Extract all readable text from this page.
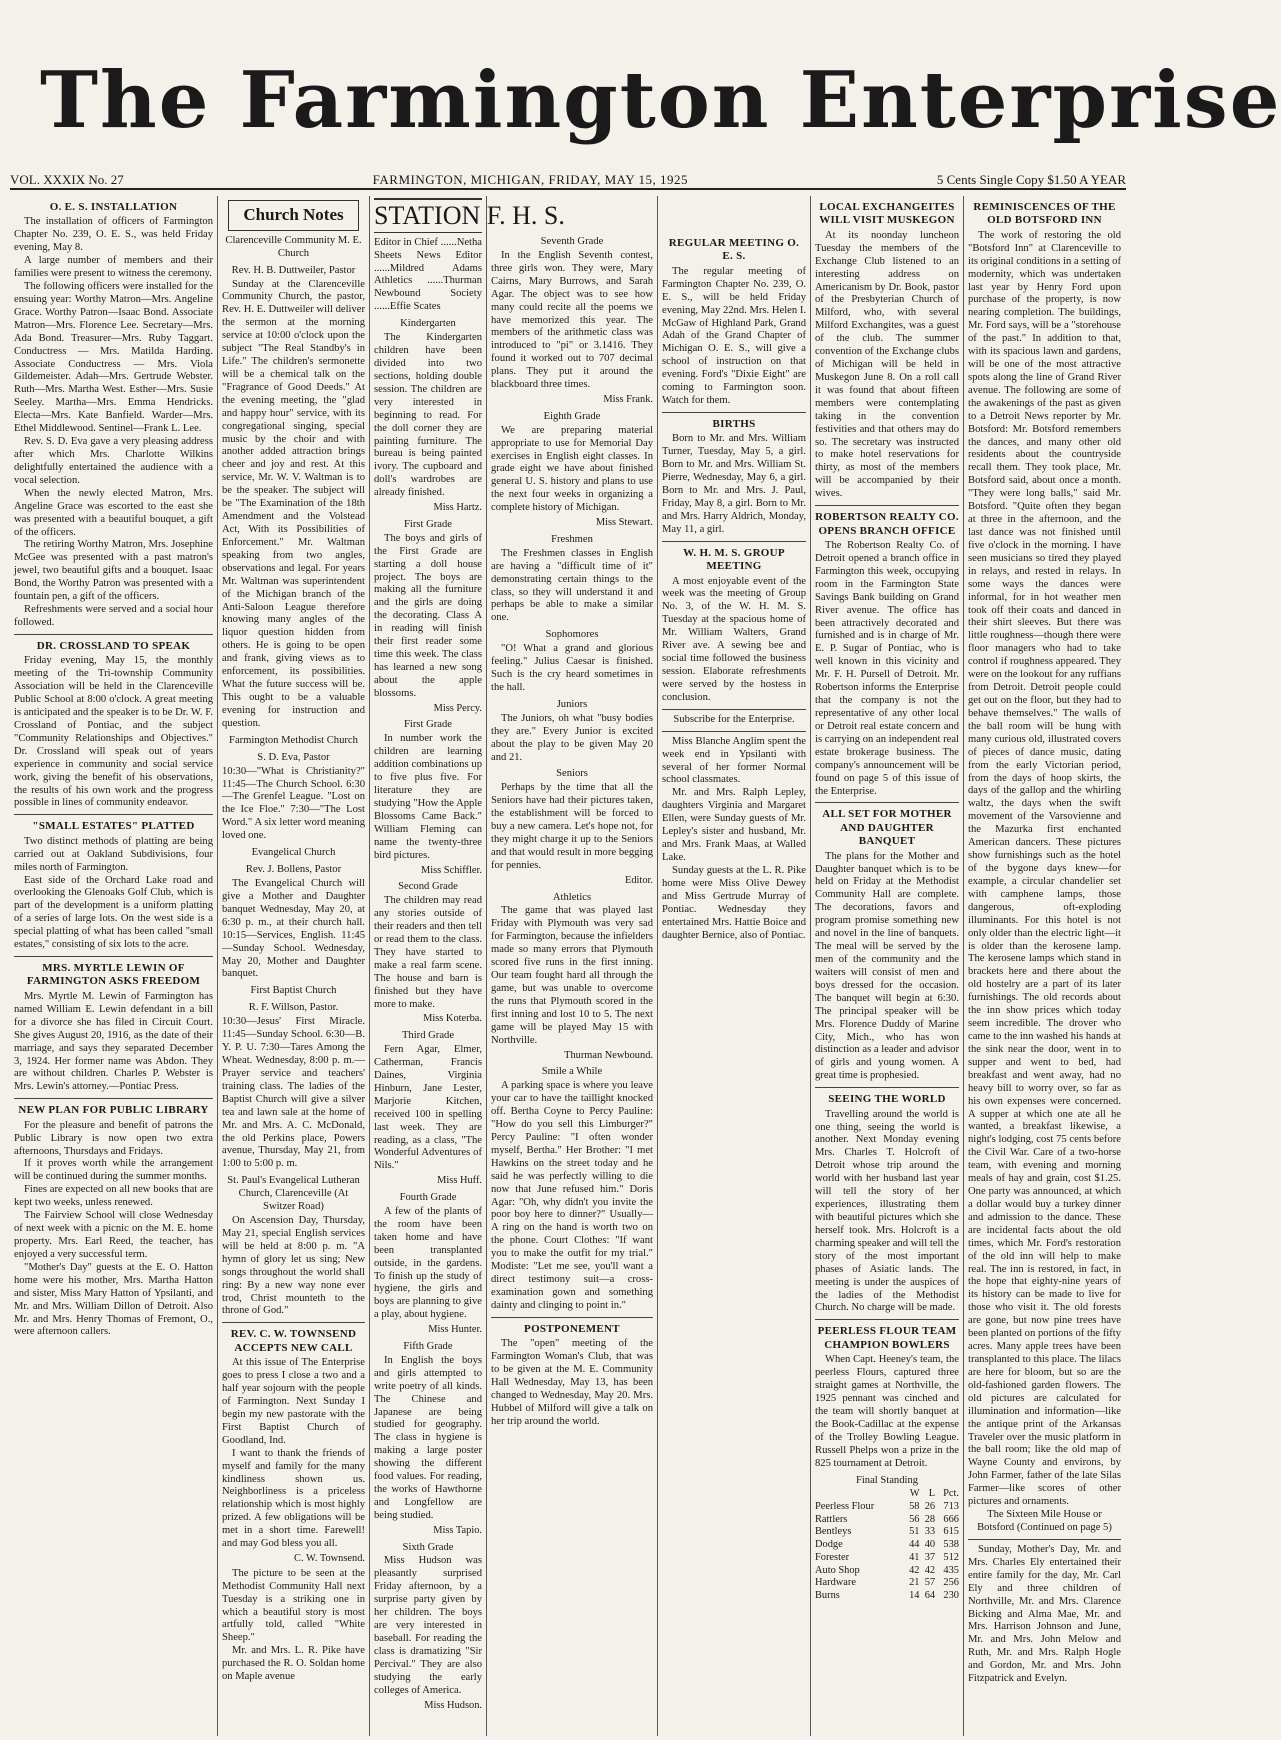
The Farmington Enterprise
VOL. XXXIX No. 27	FARMINGTON, MICHIGAN, FRIDAY, MAY 15, 1925	5 Cents Single Copy $1.50 A YEAR
O. E. S. INSTALLATION

The installation of officers of Farmington Chapter No. 239, O. E. S., was held Friday evening, May 8.

A large number of members and their families were present to witness the ceremony.

The following officers were installed for the ensuing year: Worthy Matron—Mrs. Angeline Grace. Worthy Patron—Isaac Bond. Associate Matron—Mrs. Florence Lee. Secretary—Mrs. Ada Bond. Treasurer—Mrs. Ruby Taggart. Conductress — Mrs. Matilda Harding. Associate Conductress — Mrs. Viola Gildemeister. Adah—Mrs. Gertrude Webster. Ruth—Mrs. Martha West. Esther—Mrs. Susie Seeley. Martha—Mrs. Emma Hendricks. Electa—Mrs. Kate Banfield. Warder—Mrs. Ethel Middlewood. Sentinel—Frank L. Lee.

Rev. S. D. Eva gave a very pleasing address after which Mrs. Charlotte Wilkins delightfully entertained the audience with a vocal selection.

When the newly elected Matron, Mrs. Angeline Grace was escorted to the east she was presented with a beautiful bouquet, a gift of the officers.

The retiring Worthy Matron, Mrs. Josephine McGee was presented with a past matron's jewel, two beautiful gifts and a bouquet. Isaac Bond, the Worthy Patron was presented with a fountain pen, a gift of the officers.

Refreshments were served and a social hour followed.

DR. CROSSLAND TO SPEAK

Friday evening, May 15, the monthly meeting of the Tri-township Community Association will be held in the Clarenceville Public School at 8:00 o'clock. A great meeting is anticipated and the speaker is to be Dr. W. F. Crossland of Pontiac, and the subject "Community Relationships and Objectives." Dr. Crossland will speak out of years experience in community and social service work, giving the benefit of his observations, the results of his own work and the progress possible in lines of community endeavor.

"SMALL ESTATES" PLATTED

Two distinct methods of platting are being carried out at Oakland Subdivisions, four miles north of Farmington.

East side of the Orchard Lake road and overlooking the Glenoaks Golf Club, which is part of the development is a uniform platting of a series of large lots. On the west side is a special platting of what has been called "small estates," consisting of six lots to the acre.

MRS. MYRTLE LEWIN OF FARMINGTON ASKS FREEDOM

Mrs. Myrtle M. Lewin of Farmington has named William E. Lewin defendant in a bill for a divorce she has filed in Circuit Court. She gives August 20, 1916, as the date of their marriage, and says they separated December 3, 1924. Her former name was Abdon. They are without children. Charles P. Webster is Mrs. Lewin's attorney.—Pontiac Press.

NEW PLAN FOR PUBLIC LIBRARY

For the pleasure and benefit of patrons the Public Library is now open two extra afternoons, Thursdays and Fridays.

If it proves worth while the arrangement will be continued during the summer months.

Fines are expected on all new books that are kept two weeks, unless renewed.

The Fairview School will close Wednesday of next week with a picnic on the M. E. home property. Mrs. Earl Reed, the teacher, has enjoyed a very successful term.

"Mother's Day" guests at the E. O. Hatton home were his mother, Mrs. Martha Hatton and sister, Miss Mary Hatton of Ypsilanti, and Mr. and Mrs. William Dillon of Detroit. Also Mr. and Mrs. Henry Thomas of Fremont, O., were afternoon callers.

Church Notes
Clarenceville Community M. E. Church
Rev. H. B. Duttweiler, Pastor

Sunday at the Clarenceville Community Church, the pastor, Rev. H. E. Duttweiler will deliver the sermon at the morning service at 10:00 o'clock upon the subject "The Real Standby's in Life." The children's sermonette will be a chemical talk on the "Fragrance of Good Deeds." At the evening meeting, the "glad and happy hour" service, with its congregational singing, special music by the choir and with another added attraction brings cheer and joy and rest. At this service, Mr. W. V. Waltman is to be the speaker. The subject will be "The Examination of the 18th Amendment and the Volstead Act, With its Possibilities of Enforcement." Mr. Waltman speaking from two angles, observations and legal. For years Mr. Waltman was superintendent of the Michigan branch of the Anti-Saloon League therefore knowing many angles of the liquor question hidden from others. He is going to be open and frank, giving views as to enforcement, its possibilities. What the future success will be. This ought to be a valuable evening for instruction and question.

Farmington Methodist Church
S. D. Eva, Pastor

10:30—"What is Christianity?" 11:45—The Church School. 6:30—The Grenfel League. "Lost on the Ice Floe." 7:30—"The Lost Word." A six letter word meaning loved one.

Evangelical Church
Rev. J. Bollens, Pastor

The Evangelical Church will give a Mother and Daughter banquet Wednesday, May 20, at 6:30 p. m., at their church hall. 10:15—Services, English. 11:45—Sunday School. Wednesday, May 20, Mother and Daughter banquet.

First Baptist Church
R. F. Willson, Pastor.

10:30—Jesus' First Miracle. 11:45—Sunday School. 6:30—B. Y. P. U. 7:30—Tares Among the Wheat. Wednesday, 8:00 p. m.—Prayer service and teachers' training class. The ladies of the Baptist Church will give a silver tea and lawn sale at the home of Mr. and Mrs. A. C. McDonald, the old Perkins place, Powers avenue, Thursday, May 21, from 1:00 to 5:00 p. m.

St. Paul's Evangelical Lutheran Church, Clarenceville (At Switzer Road)

On Ascension Day, Thursday, May 21, special English services will be held at 8:00 p. m. "A hymn of glory let us sing; New songs throughout the world shall ring: By a new way none ever trod, Christ mounteth to the throne of God."

REV. C. W. TOWNSEND ACCEPTS NEW CALL

At this issue of The Enterprise goes to press I close a two and a half year sojourn with the people of Farmington. Next Sunday I begin my new pastorate with the First Baptist Church of Goodland, Ind.

I want to thank the friends of myself and family for the many kindliness shown us. Neighborliness is a priceless relationship which is most highly prized. A few obligations will be met in a short time. Farewell! and may God bless you all.

C. W. Townsend.

The picture to be seen at the Methodist Community Hall next Tuesday is a striking one in which a beautiful story is most artfully told, called "White Sheep."

Mr. and Mrs. L. R. Pike have purchased the R. O. Soldan home on Maple avenue

STATION F. H. S.

Editor in Chief ......Netha Sheets News Editor ......Mildred Adams Athletics ......Thurman Newbound Society ......Effie Scates

Kindergarten

The Kindergarten children have been divided into two sections, holding double session. The children are very interested in beginning to read. For the doll corner they are painting furniture. The bureau is being painted ivory. The cupboard and doll's wardrobes are already finished.

Miss Hartz.
First Grade

The boys and girls of the First Grade are starting a doll house project. The boys are making all the furniture and the girls are doing the decorating. Class A in reading will finish their first reader some time this week. The class has learned a new song about the apple blossoms.

Miss Percy.
First Grade

In number work the children are learning addition combinations up to five plus five. For literature they are studying "How the Apple Blossoms Came Back." William Fleming can name the twenty-three bird pictures.

Miss Schiffler.
Second Grade

The children may read any stories outside of their readers and then tell or read them to the class. They have started to make a real farm scene. The house and barn is finished but they have more to make.

Miss Koterba.
Third Grade

Fern Agar, Elmer, Catherman, Francis Daines, Virginia Hinburn, Jane Lester, Marjorie Kitchen, received 100 in spelling last week. They are reading, as a class, "The Wonderful Adventures of Nils."

Miss Huff.
Fourth Grade

A few of the plants of the room have been taken home and have been transplanted outside, in the gardens. To finish up the study of hygiene, the girls and boys are planning to give a play, about hygiene.

Miss Hunter.
Fifth Grade

In English the boys and girls attempted to write poetry of all kinds. The Chinese and Japanese are being studied for geography. The class in hygiene is making a large poster showing the different food values. For reading, the works of Hawthorne and Longfellow are being studied.

Miss Tapio.
Sixth Grade

Miss Hudson was pleasantly surprised Friday afternoon, by a surprise party given by her children. The boys are very interested in baseball. For reading the class is dramatizing "Sir Percival." They are also studying the early colleges of America.

Miss Hudson.
Seventh Grade

In the English Seventh contest, three girls won. They were, Mary Cairns, Mary Burrows, and Sarah Agar. The object was to see how many could recite all the poems we have memorized this year. The members of the arithmetic class was introduced to "pi" or 3.1416. They found it worked out to 707 decimal plans. They put it around the blackboard three times.

Miss Frank.
Eighth Grade

We are preparing material appropriate to use for Memorial Day exercises in English eight classes. In grade eight we have about finished general U. S. history and plans to use the next four weeks in organizing a complete history of Michigan.

Miss Stewart.
Freshmen

The Freshmen classes in English are having a "difficult time of it" demonstrating certain things to the class, so they will understand it and perhaps be able to make a similar one.

Sophomores

"O! What a grand and glorious feeling." Julius Caesar is finished. Such is the cry heard sometimes in the hall.

Juniors

The Juniors, oh what "busy bodies they are." Every Junior is excited about the play to be given May 20 and 21.

Seniors

Perhaps by the time that all the Seniors have had their pictures taken, the establishment will be forced to buy a new camera. Let's hope not, for they might charge it up to the Seniors and that would result in more begging for pennies.

Editor.
Athletics

The game that was played last Friday with Plymouth was very sad for Farmington, because the infielders made so many errors that Plymouth scored five runs in the first inning. Our team fought hard all through the game, but was unable to overcome the runs that Plymouth scored in the first inning and lost 10 to 5. The next game will be played May 15 with Northville.

Thurman Newbound.
Smile a While

A parking space is where you leave your car to have the taillight knocked off. Bertha Coyne to Percy Pauline: "How do you sell this Limburger?" Percy Pauline: "I often wonder myself, Bertha." Her Brother: "I met Hawkins on the street today and he said he was perfectly willing to die now that June refused him." Doris Agar: "Oh, why didn't you invite the poor boy here to dinner?" Usually—A ring on the hand is worth two on the phone. Court Clothes: "If want you to make the outfit for my trial." Modiste: "Let me see, you'll want a direct testimony suit—a cross-examination gown and something dainty and clinging to point in."

POSTPONEMENT

The "open" meeting of the Farmington Woman's Club, that was to be given at the M. E. Community Hall Wednesday, May 13, has been changed to Wednesday, May 20. Mrs. Hubbel of Milford will give a talk on her trip around the world.

REGULAR MEETING O. E. S.

The regular meeting of Farmington Chapter No. 239, O. E. S., will be held Friday evening, May 22nd. Mrs. Helen I. McGaw of Highland Park, Grand Adah of the Grand Chapter of Michigan O. E. S., will give a school of instruction on that evening. Ford's "Dixie Eight" are coming to Farmington soon. Watch for them.

BIRTHS

Born to Mr. and Mrs. William Turner, Tuesday, May 5, a girl. Born to Mr. and Mrs. William St. Pierre, Wednesday, May 6, a girl. Born to Mr. and Mrs. J. Paul, Friday, May 8, a girl. Born to Mr. and Mrs. Harry Aldrich, Monday, May 11, a girl.

W. H. M. S. GROUP MEETING

A most enjoyable event of the week was the meeting of Group No. 3, of the W. H. M. S. Tuesday at the spacious home of Mr. William Walters, Grand River ave. A sewing bee and social time followed the business session. Elaborate refreshments were served by the hostess in conclusion.

Subscribe for the Enterprise.

Miss Blanche Anglim spent the week end in Ypsilanti with several of her former Normal school classmates.

Mr. and Mrs. Ralph Lepley, daughters Virginia and Margaret Ellen, were Sunday guests of Mr. Lepley's sister and husband, Mr. and Mrs. Frank Maas, at Walled Lake.

Sunday guests at the L. R. Pike home were Miss Olive Dewey and Miss Gertrude Murray of Pontiac. Wednesday they entertained Mrs. Hattie Boice and daughter Bernice, also of Pontiac.

LOCAL EXCHANGEITES WILL VISIT MUSKEGON

At its noonday luncheon Tuesday the members of the Exchange Club listened to an interesting address on Americanism by Dr. Book, pastor of the Presbyterian Church of Milford, who, with several Milford Exchangites, was a guest of the club. The summer convention of the Exchange clubs of Michigan will be held in Muskegon June 8. On a roll call it was found that about fifteen members were contemplating taking in the convention festivities and that others may do so. The secretary was instructed to make hotel reservations for thirty, as most of the members will be accompanied by their wives.

ROBERTSON REALTY CO. OPENS BRANCH OFFICE

The Robertson Realty Co. of Detroit opened a branch office in Farmington this week, occupying room in the Farmington State Savings Bank building on Grand River avenue. The office has been attractively decorated and furnished and is in charge of Mr. E. P. Sugar of Pontiac, who is well known in this vicinity and Mr. F. H. Pursell of Detroit. Mr. Robertson informs the Enterprise that the company is not the representative of any other local or Detroit real estate concern and is carrying on an independent real estate brokerage business. The company's announcement will be found on page 5 of this issue of the Enterprise.

ALL SET FOR MOTHER AND DAUGHTER BANQUET

The plans for the Mother and Daughter banquet which is to be held on Friday at the Methodist Community Hall are complete. The decorations, favors and program promise something new and novel in the line of banquets. The meal will be served by the men of the community and the waiters will consist of men and boys dressed for the occasion. The banquet will begin at 6:30. The principal speaker will be Mrs. Florence Duddy of Marine City, Mich., who has won distinction as a leader and advisor of girls and young women. A great time is prophesied.

SEEING THE WORLD

Travelling around the world is one thing, seeing the world is another. Next Monday evening Mrs. Charles T. Holcroft of Detroit whose trip around the world with her husband last year will tell the story of her experiences, illustrating them with beautiful pictures which she herself took. Mrs. Holcroft is a charming speaker and will tell the story of the most important phases of Asiatic lands. The meeting is under the auspices of the ladies of the Methodist Church. No charge will be made.

PEERLESS FLOUR TEAM CHAMPION BOWLERS

When Capt. Heeney's team, the peerless Flours, captured three straight games at Northville, the 1925 pennant was cinched and the team will shortly banquet at the Book-Cadillac at the expense of the Trolley Bowling League. Russell Phelps won a prize in the 825 tournament at Detroit.

Final Standing
	W	L	Pct.
Peerless Flour	58	26	713
Rattlers	56	28	666
Bentleys	51	33	615
Dodge	44	40	538
Forester	41	37	512
Auto Shop	42	42	435
Hardware	21	57	256
Burns	14	64	230
REMINISCENCES OF THE OLD BOTSFORD INN

The work of restoring the old "Botsford Inn" at Clarenceville to its original conditions in a setting of modernity, which was undertaken last year by Henry Ford upon purchase of the property, is now nearing completion. The buildings, Mr. Ford says, will be a "storehouse of the past." In addition to that, with its spacious lawn and gardens, will be one of the most attractive spots along the line of Grand River avenue. The following are some of the awakenings of the past as given to a Detroit News reporter by Mr. Botsford: Mr. Botsford remembers the dances, and many other old residents about the countryside recall them. They took place, Mr. Botsford said, about once a month. "They were long balls," said Mr. Botsford. "Quite often they began at three in the afternoon, and the last dance was not finished until five o'clock in the morning. I have seen musicians so tired they played in relays, and rested in relays. In some ways the dances were informal, for in hot weather men took off their coats and danced in their shirt sleeves. But there was little roughness—though there were floor managers who had to take control if roughness appeared. They were on the lookout for any ruffians from Detroit. Detroit people could get out on the floor, but they had to behave themselves." The walls of the ball room will be hung with many curious old, illustrated covers of pieces of dance music, dating from the early Victorian period, from the days of hoop skirts, the days of the gallop and the whirling waltz, the days when the swift movement of the Varsovienne and the Mazurka first enchanted American dancers. These pictures show furnishings such as the hotel of the bygone days knew—for example, a circular chandelier set with camphene lamps, those dangerous, oft-exploding illuminants. For this hotel is not only older than the electric light—it is older than the kerosene lamp. The kerosene lamps which stand in brackets here and there about the old hostelry are a part of its later furnishings. The old records about the inn show prices which today seem incredible. The drover who came to the inn washed his hands at the sink near the door, went in to supper and went to bed, had breakfast and went away, had no heavy bill to worry over, so far as his own expenses were concerned. A supper at which one ate all he wanted, a breakfast likewise, a night's lodging, cost 75 cents before the Civil War. Care of a two-horse team, with evening and morning meals of hay and grain, cost $1.25. One party was announced, at which a dollar would buy a turkey dinner and admission to the dance. These are incidental facts about the old times, which Mr. Ford's restoration of the old inn will help to make real. The inn is restored, in fact, in the hope that eighty-nine years of its history can be made to live for those who visit it. The old forests are gone, but now pine trees have been planted on portions of the fifty acres. Many apple trees have been transplanted to this place. The lilacs are here for bloom, but so are the old-fashioned garden flowers. The old pictures are calculated for illumination and information—like the antique print of the Arkansas Traveler over the music platform in the ball room; like the old map of Wayne County and environs, by John Farmer, father of the late Silas Farmer—like scores of other pictures and ornaments.

The Sixteen Mile House or Botsford (Continued on page 5)

Sunday, Mother's Day, Mr. and Mrs. Charles Ely entertained their entire family for the day, Mr. Carl Ely and three children of Northville, Mr. and Mrs. Clarence Bicking and Alma Mae, Mr. and Mrs. Harrison Johnson and June, Mr. and Mrs. John Melow and Ruth, Mr. and Mrs. Ralph Hogle and Gordon, Mr. and Mrs. John Fitzpatrick and Evelyn.
